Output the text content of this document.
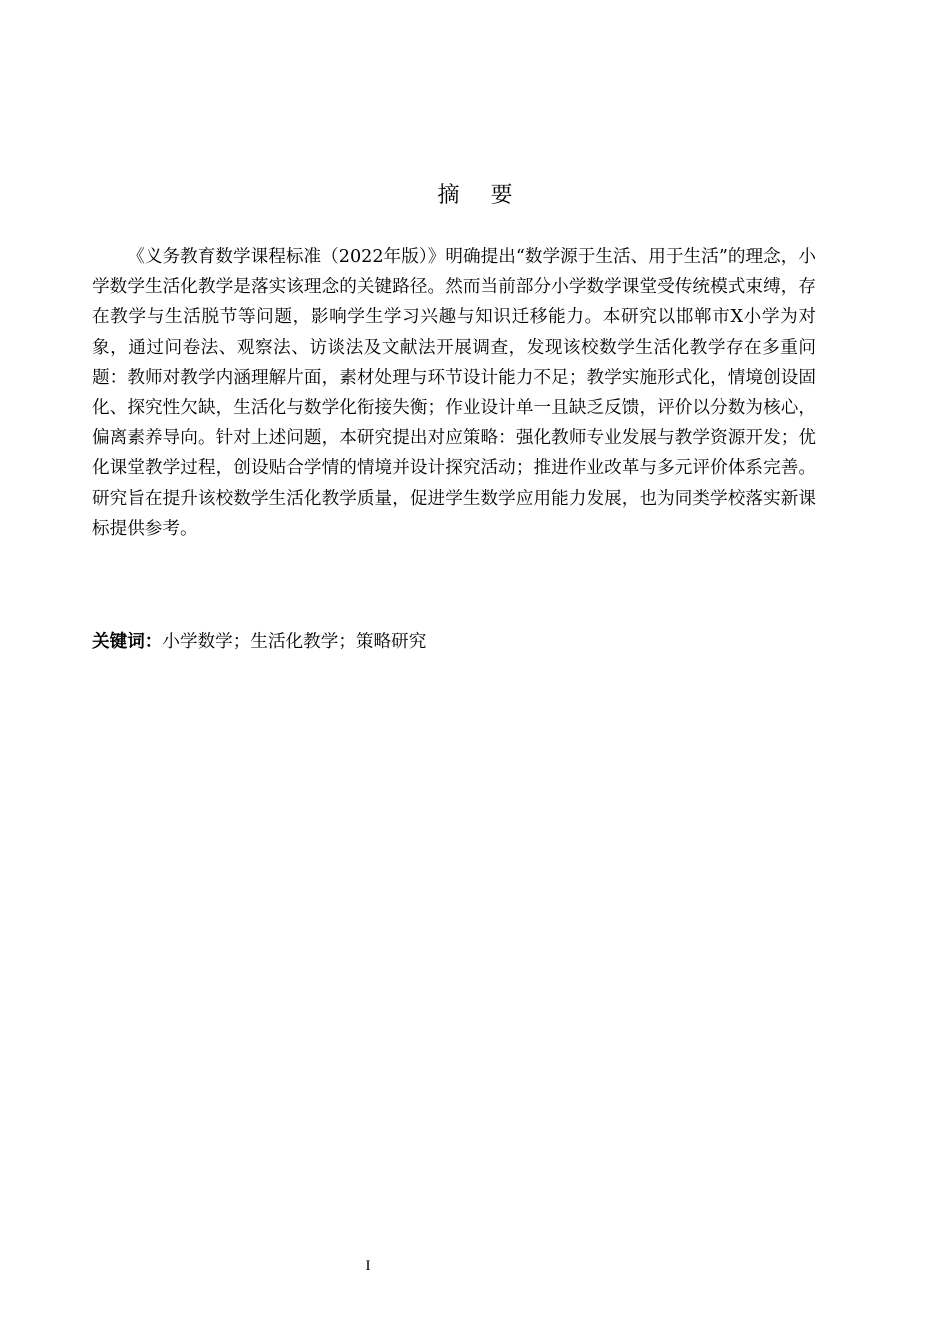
摘 要

《义务教育数学课程标准（2022年版）》明确提出“数学源于生活、用于生活”的理念，小学数学生活化教学是落实该理念的关键路径。然而当前部分小学数学课堂受传统模式束缚，存在教学与生活脱节等问题，影响学生学习兴趣与知识迁移能力。本研究以邯郸市X小学为对象，通过问卷法、观察法、访谈法及文献法开展调查，发现该校数学生活化教学存在多重问题：教师对教学内涵理解片面，素材处理与环节设计能力不足；教学实施形式化，情境创设固化、探究性欠缺，生活化与数学化衔接失衡；作业设计单一且缺乏反馈，评价以分数为核心，偏离素养导向。针对上述问题，本研究提出对应策略：强化教师专业发展与教学资源开发；优化课堂教学过程，创设贴合学情的情境并设计探究活动；推进作业改革与多元评价体系完善。研究旨在提升该校数学生活化教学质量，促进学生数学应用能力发展，也为同类学校落实新课标提供参考。

关键词：小学数学；生活化教学；策略研究
I
